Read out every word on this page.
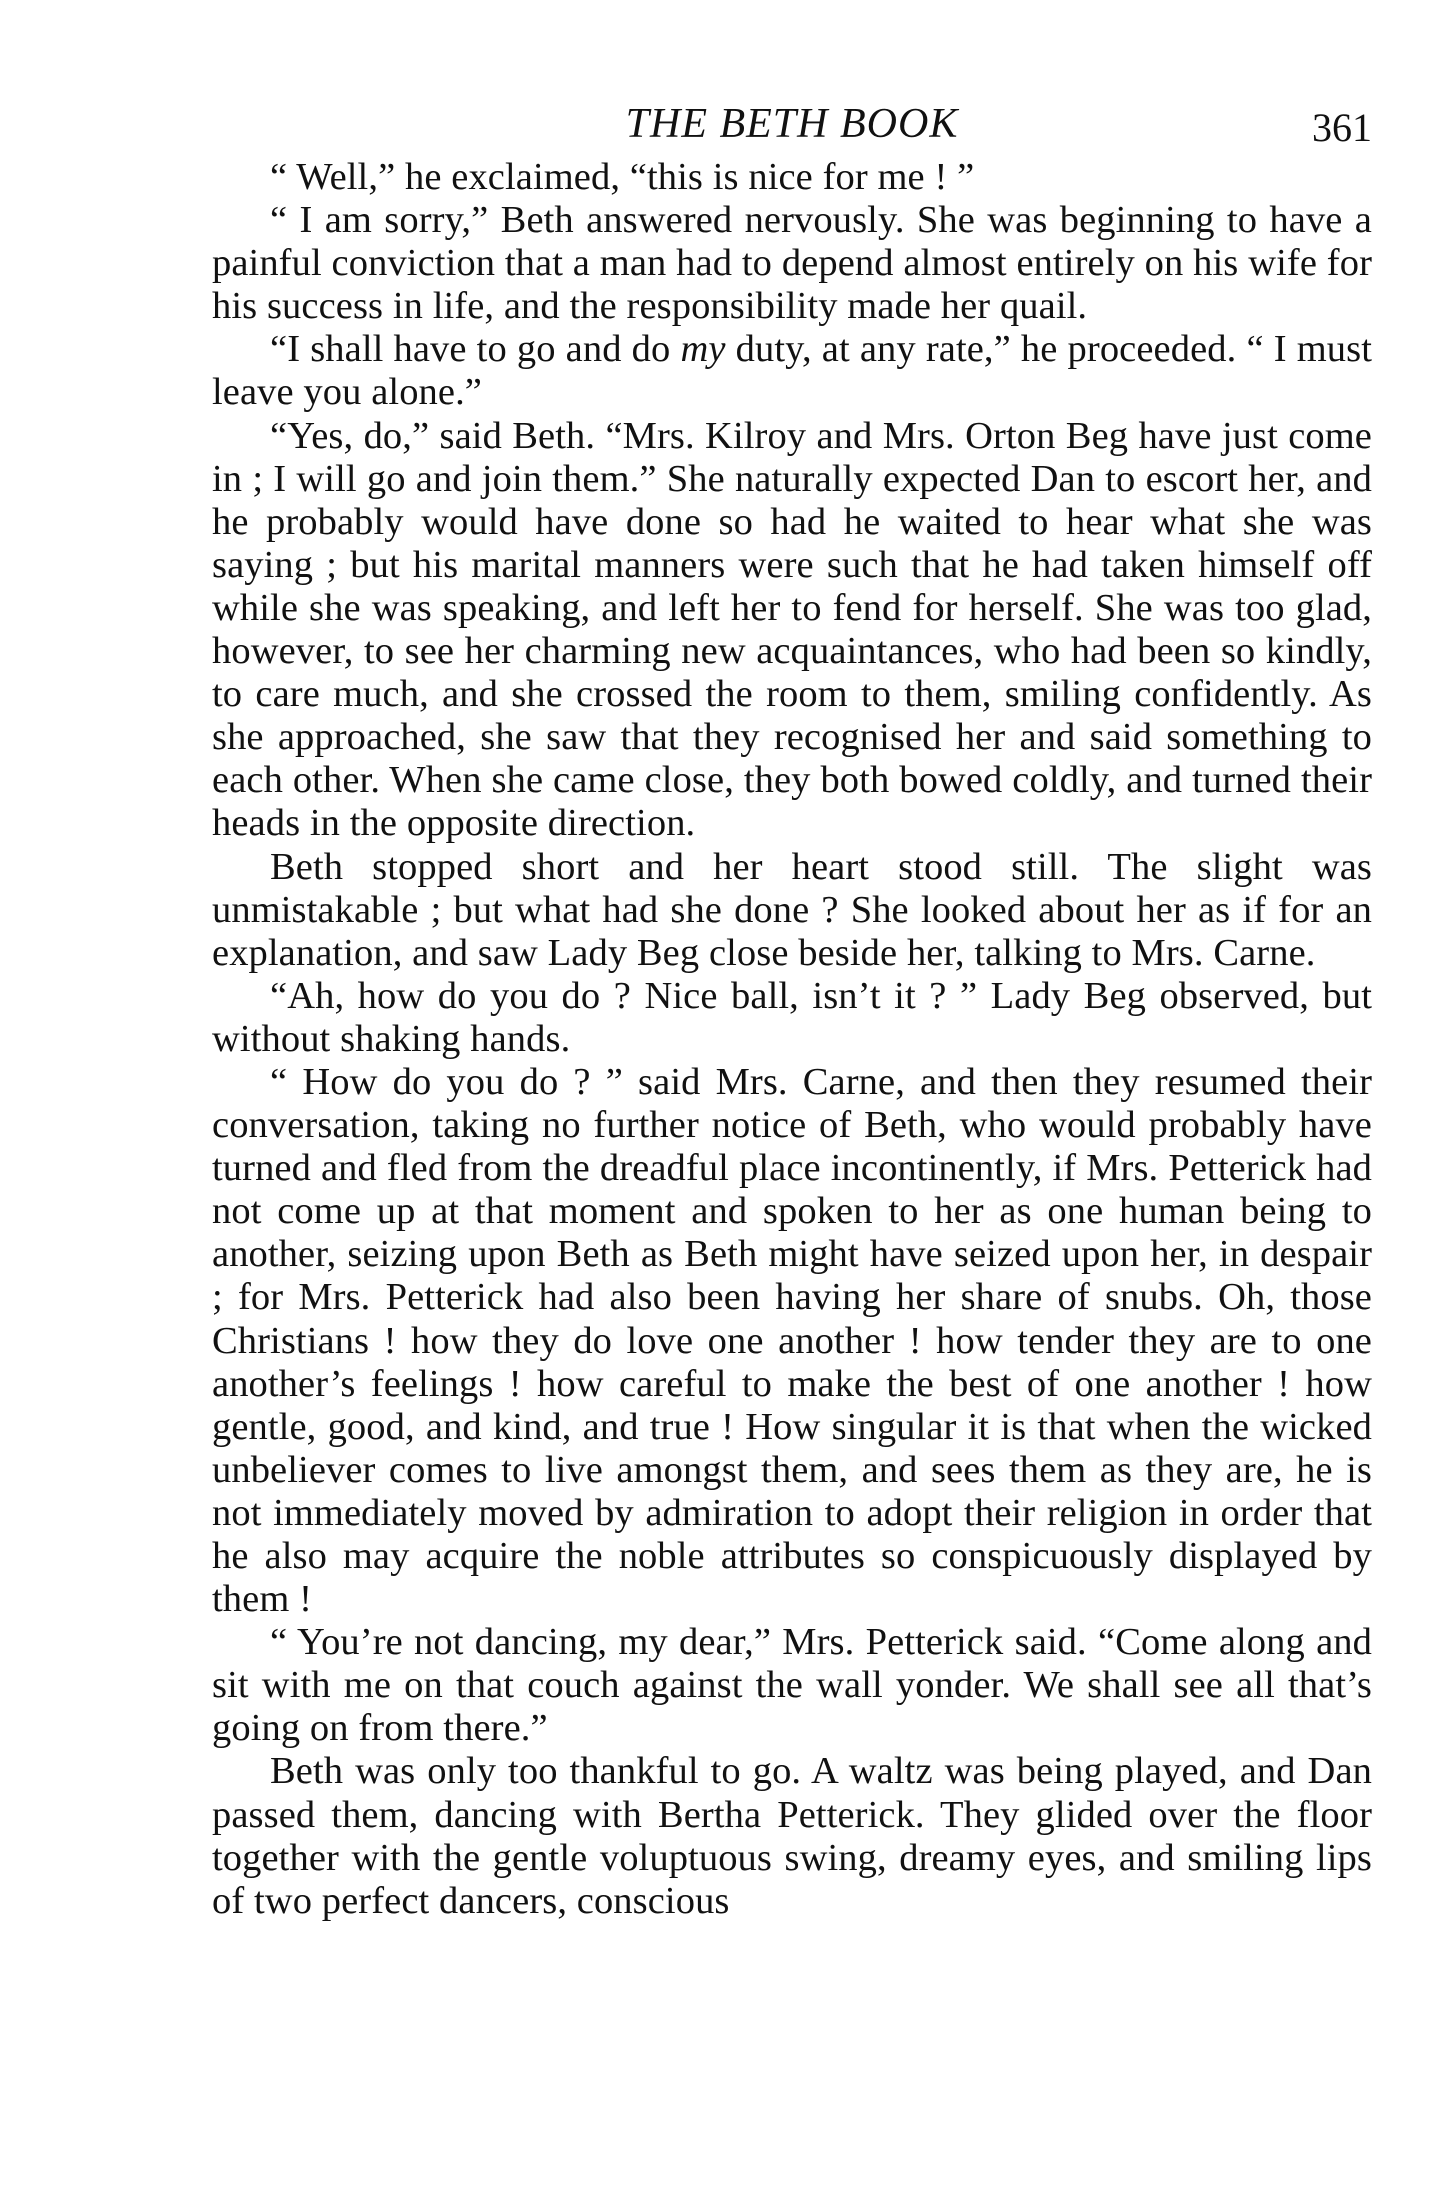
THE BETH BOOK	361

“ Well,” he exclaimed, “this is nice for me ! ”

“ I am sorry,” Beth answered nervously. She was beginning to have a painful conviction that a man had to depend almost entirely on his wife for his success in life, and the responsibility made her quail.

“I shall have to go and do my duty, at any rate,” he proceeded. “ I must leave you alone.”

“Yes, do,” said Beth. “Mrs. Kilroy and Mrs. Orton Beg have just come in ; I will go and join them.” She naturally expected Dan to escort her, and he probably would have done so had he waited to hear what she was saying ; but his marital manners were such that he had taken himself off while she was speaking, and left her to fend for herself. She was too glad, however, to see her charming new acquaintances, who had been so kindly, to care much, and she crossed the room to them, smiling confidently. As she approached, she saw that they recognised her and said something to each other. When she came close, they both bowed coldly, and turned their heads in the opposite direction.

Beth stopped short and her heart stood still. The slight was unmistakable ; but what had she done ? She looked about her as if for an explanation, and saw Lady Beg close beside her, talking to Mrs. Carne.

“Ah, how do you do ? Nice ball, isn’t it ? ” Lady Beg observed, but without shaking hands.

“ How do you do ? ” said Mrs. Carne, and then they resumed their conversation, taking no further notice of Beth, who would probably have turned and fled from the dreadful place incontinently, if Mrs. Petterick had not come up at that moment and spoken to her as one human being to another, seizing upon Beth as Beth might have seized upon her, in despair ; for Mrs. Petterick had also been having her share of snubs. Oh, those Christians ! how they do love one another ! how tender they are to one another’s feelings ! how careful to make the best of one another ! how gentle, good, and kind, and true ! How singular it is that when the wicked unbeliever comes to live amongst them, and sees them as they are, he is not immediately moved by admiration to adopt their religion in order that he also may acquire the noble attributes so conspicuously displayed by them !

“ You’re not dancing, my dear,” Mrs. Petterick said. “Come along and sit with me on that couch against the wall yonder. We shall see all that’s going on from there.”

Beth was only too thankful to go. A waltz was being played, and Dan passed them, dancing with Bertha Petterick. They glided over the floor together with the gentle voluptuous swing, dreamy eyes, and smiling lips of two perfect dancers, conscious
